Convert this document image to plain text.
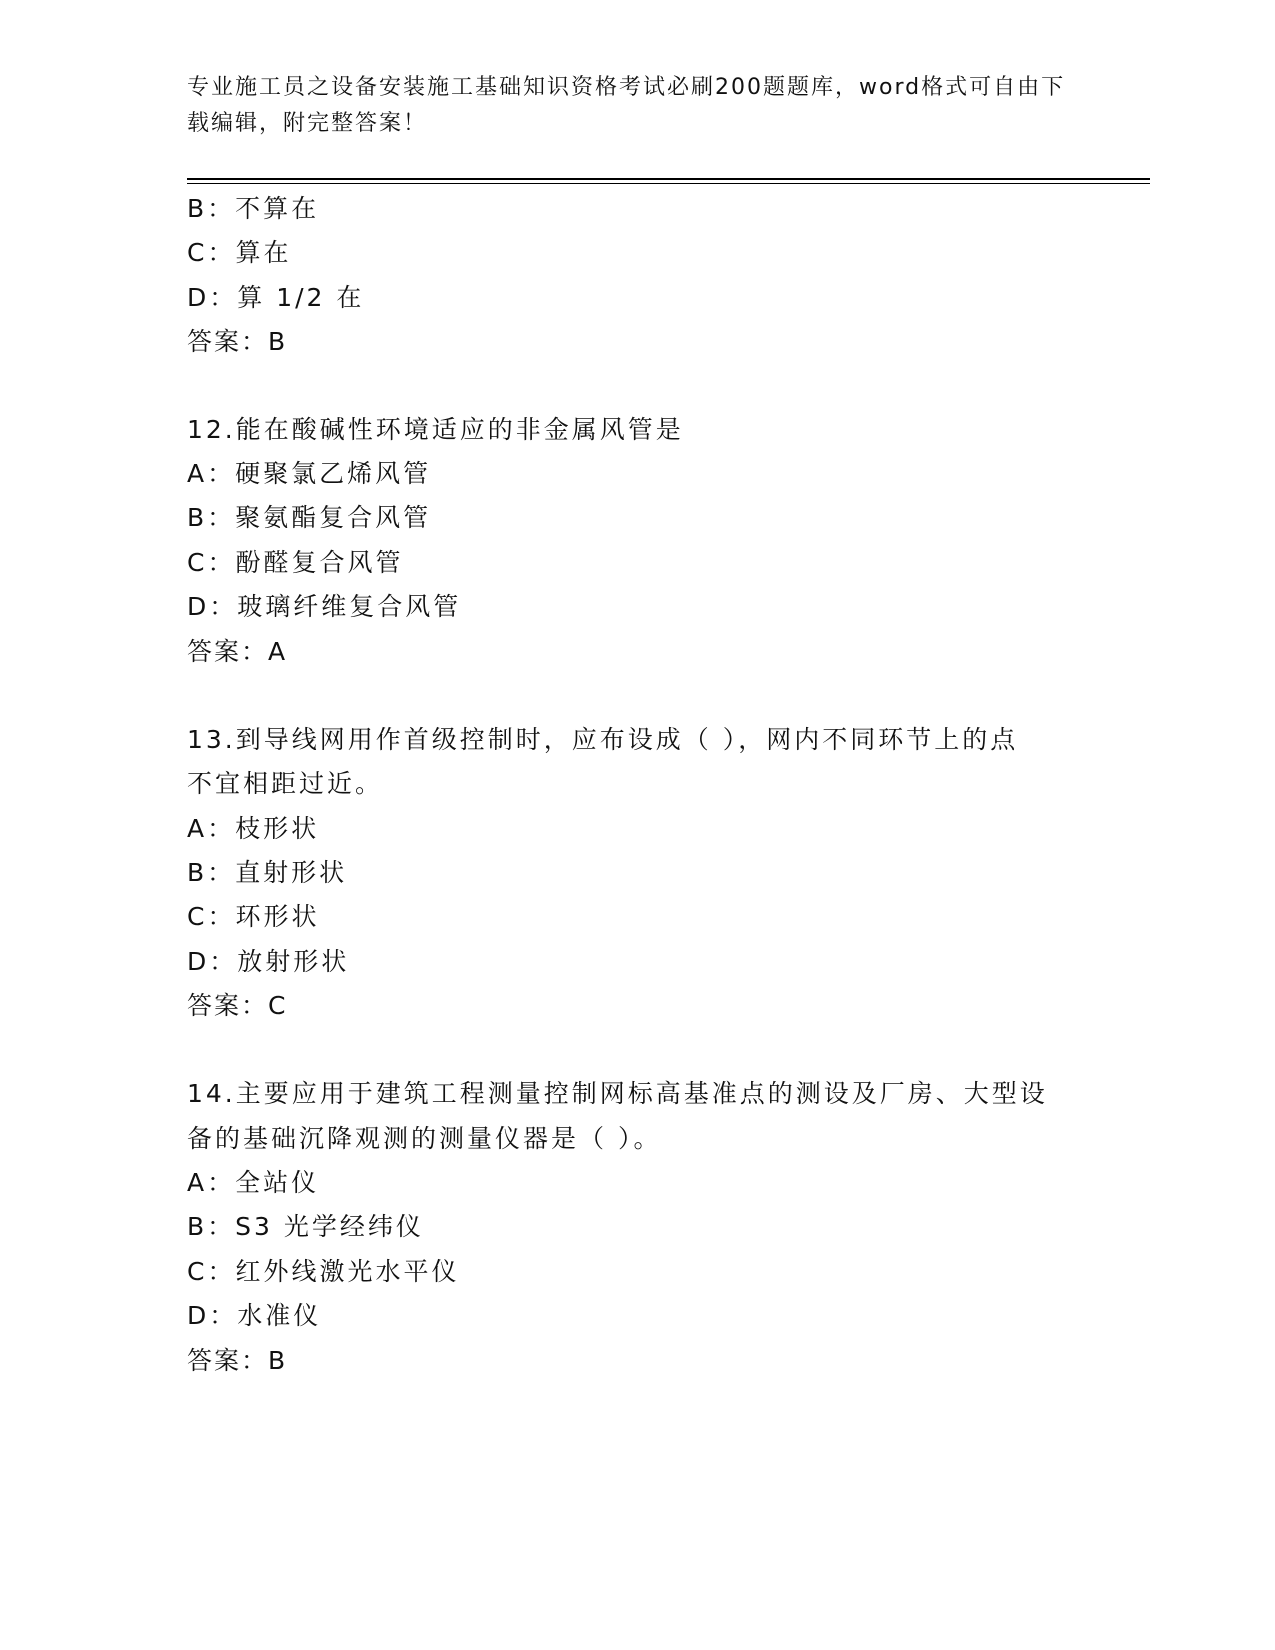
专业施工员之设备安装施工基础知识资格考试必刷200题题库，word格式可自由下载编辑，附完整答案！
B：不算在
C：算在
D：算 1/2 在
答案：B
12.能在酸碱性环境适应的非金属风管是
A：硬聚氯乙烯风管
B：聚氨酯复合风管
C：酚醛复合风管
D：玻璃纤维复合风管
答案：A
13.到导线网用作首级控制时，应布设成（ ），网内不同环节上的点
不宜相距过近。
A：枝形状
B：直射形状
C：环形状
D：放射形状
答案：C
14.主要应用于建筑工程测量控制网标高基准点的测设及厂房、大型设
备的基础沉降观测的测量仪器是（ ）。
A：全站仪
B：S3 光学经纬仪
C：红外线激光水平仪
D：水准仪
答案：B
